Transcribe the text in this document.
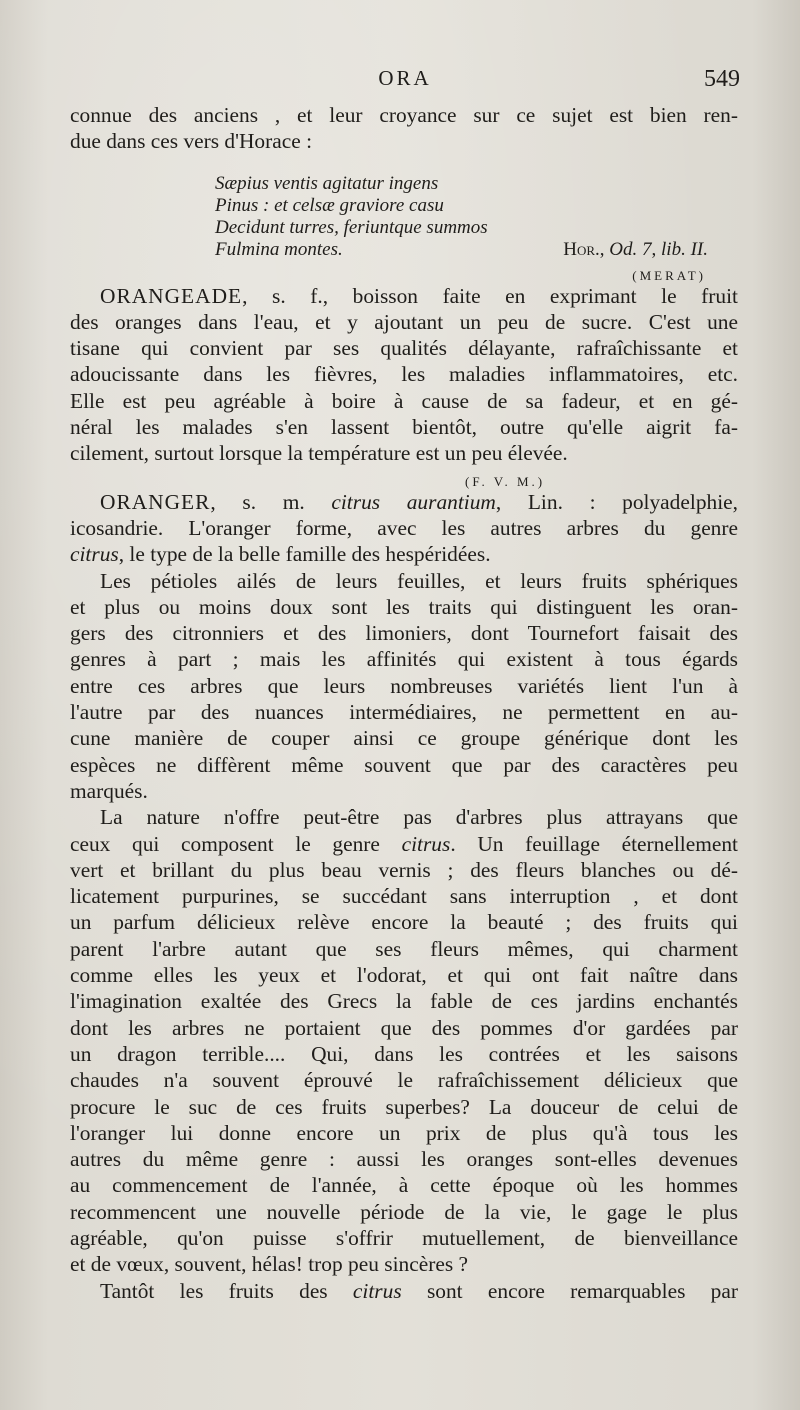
ORA	549
connue des anciens , et leur croyance sur ce sujet est bien ren-
due dans ces vers d'Horace :
Sæpius ventis agitatur ingens
Pinus : et celsæ graviore casu
Decidunt turres, feriuntque summos
Fulmina montes.	Hor., Od. 7, lib. II.
(MERAT)
ORANGEADE, s. f., boisson faite en exprimant le fruit
des oranges dans l'eau, et y ajoutant un peu de sucre. C'est une
tisane qui convient par ses qualités délayante, rafraîchissante et
adoucissante dans les fièvres, les maladies inflammatoires, etc.
Elle est peu agréable à boire à cause de sa fadeur, et en gé-
néral les malades s'en lassent bientôt, outre qu'elle aigrit fa-
cilement, surtout lorsque la température est un peu élevée.
(F. V. M.)
ORANGER, s. m. citrus aurantium, Lin. : polyadelphie,
icosandrie. L'oranger forme, avec les autres arbres du genre
citrus, le type de la belle famille des hespéridées.
Les pétioles ailés de leurs feuilles, et leurs fruits sphériques
et plus ou moins doux sont les traits qui distinguent les oran-
gers des citronniers et des limoniers, dont Tournefort faisait des
genres à part ; mais les affinités qui existent à tous égards
entre ces arbres que leurs nombreuses variétés lient l'un à
l'autre par des nuances intermédiaires, ne permettent en au-
cune manière de couper ainsi ce groupe générique dont les
espèces ne diffèrent même souvent que par des caractères peu
marqués.
La nature n'offre peut-être pas d'arbres plus attrayans que
ceux qui composent le genre citrus. Un feuillage éternellement
vert et brillant du plus beau vernis ; des fleurs blanches ou dé-
licatement purpurines, se succédant sans interruption , et dont
un parfum délicieux relève encore la beauté ; des fruits qui
parent l'arbre autant que ses fleurs mêmes, qui charment
comme elles les yeux et l'odorat, et qui ont fait naître dans
l'imagination exaltée des Grecs la fable de ces jardins enchantés
dont les arbres ne portaient que des pommes d'or gardées par
un dragon terrible.... Qui, dans les contrées et les saisons
chaudes n'a souvent éprouvé le rafraîchissement délicieux que
procure le suc de ces fruits superbes? La douceur de celui de
l'oranger lui donne encore un prix de plus qu'à tous les
autres du même genre : aussi les oranges sont-elles devenues
au commencement de l'année, à cette époque où les hommes
recommencent une nouvelle période de la vie, le gage le plus
agréable, qu'on puisse s'offrir mutuellement, de bienveillance
et de vœux, souvent, hélas! trop peu sincères ?
Tantôt les fruits des citrus sont encore remarquables par
